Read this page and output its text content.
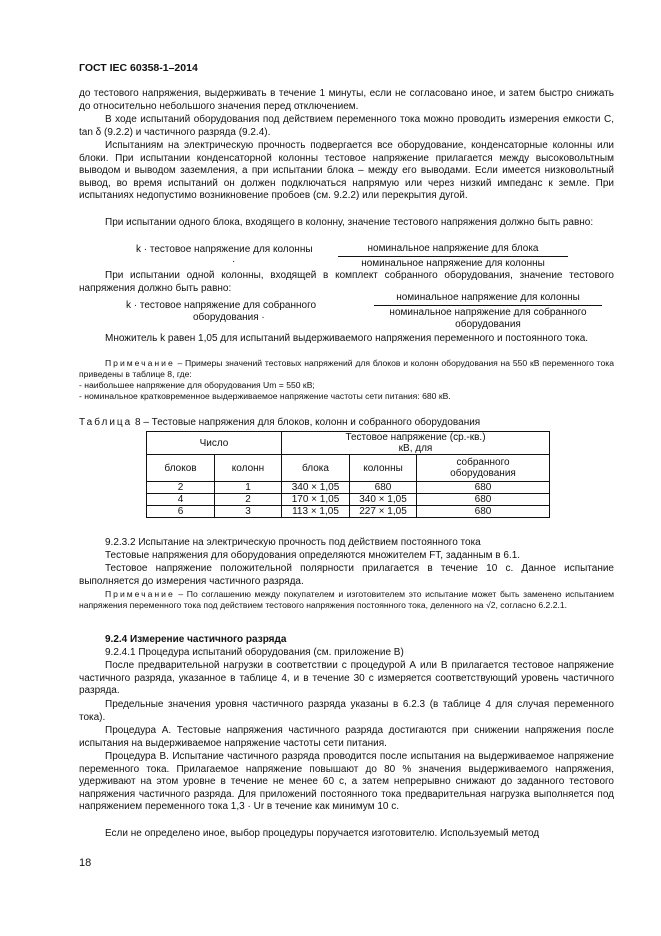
ГОСТ IEC 60358-1–2014

до тестового напряжения, выдерживать в течение 1 минуты, если не согласовано иное, и затем быстро снижать до относительно небольшого значения перед отключением.

В ходе испытаний оборудования под действием переменного тока можно проводить измерения емкости C, tan δ (9.2.2) и частичного разряда (9.2.4).

Испытаниям на электрическую прочность подвергается все оборудование, конденсаторные колонны или блоки. При испытании конденсаторной колонны тестовое напряжение прилагается между высоковольтным выводом и выводом заземления, а при испытании блока – между его выводами. Если имеется низковольтный вывод, во время испытаний он должен подключаться напрямую или через низкий импеданс к земле. При испытаниях недопустимо возникновение пробоев (см. 9.2.2) или перекрытия дугой.

При испытании одного блока, входящего в колонну, значение тестового напряжения должно быть равно:

k · тестовое напряжение для колонны
·
номинальное напряжение для блока
номинальное напряжение для колонны

При испытании одной колонны, входящей в комплект собранного оборудования, значение тестового напряжения должно быть равно:

k · тестовое напряжение для собранного
оборудования ·
номинальное напряжение для колонны
номинальное напряжение для собранного
оборудования

Множитель k равен 1,05 для испытаний выдерживаемого напряжения переменного и постоянного тока.

Примечание – Примеры значений тестовых напряжений для блоков и колонн оборудования на 550 кВ переменного тока приведены в таблице 8, где:

- наибольшее напряжение для оборудования Um = 550 кВ;

- номинальное кратковременное выдерживаемое напряжение частоты сети питания: 680 кВ.

Таблица 8 – Тестовые напряжения для блоков, колонн и собранного оборудования

Число		Тестовое напряжение (ср.-кв.)
кВ, для		

блоков	колонн	блока	колонны	собранного
оборудования

2	1	340 × 1,05	680	680
4	2	170 × 1,05	340 × 1,05	680
6	3	113 × 1,05	227 × 1,05	680

9.2.3.2 Испытание на электрическую прочность под действием постоянного тока

Тестовые напряжения для оборудования определяются множителем FT, заданным в 6.1.

Тестовое напряжение положительной полярности прилагается в течение 10 с. Данное испытание выполняется до измерения частичного разряда.

Примечание – По соглашению между покупателем и изготовителем это испытание может быть заменено испытанием напряжения переменного тока под действием тестового напряжения постоянного тока, деленного на √2, согласно 6.2.2.1.

9.2.4 Измерение частичного разряда

9.2.4.1 Процедура испытаний оборудования (см. приложение В)

После предварительной нагрузки в соответствии с процедурой А или В прилагается тестовое напряжение частичного разряда, указанное в таблице 4, и в течение 30 с измеряется соответствующий уровень частичного разряда.

Предельные значения уровня частичного разряда указаны в 6.2.3 (в таблице 4 для случая переменного тока).

Процедура А. Тестовые напряжения частичного разряда достигаются при снижении напряжения после испытания на выдерживаемое напряжение частоты сети питания.

Процедура В. Испытание частичного разряда проводится после испытания на выдерживаемое напряжение переменного тока. Прилагаемое напряжение повышают до 80 % значения выдерживаемого напряжения, удерживают на этом уровне в течение не менее 60 с, а затем непрерывно снижают до заданного тестового напряжения частичного разряда. Для приложений постоянного тока предварительная нагрузка выполняется под напряжением переменного тока 1,3 · Ur в течение как минимум 10 с.

Если не определено иное, выбор процедуры поручается изготовителю. Используемый метод

18
